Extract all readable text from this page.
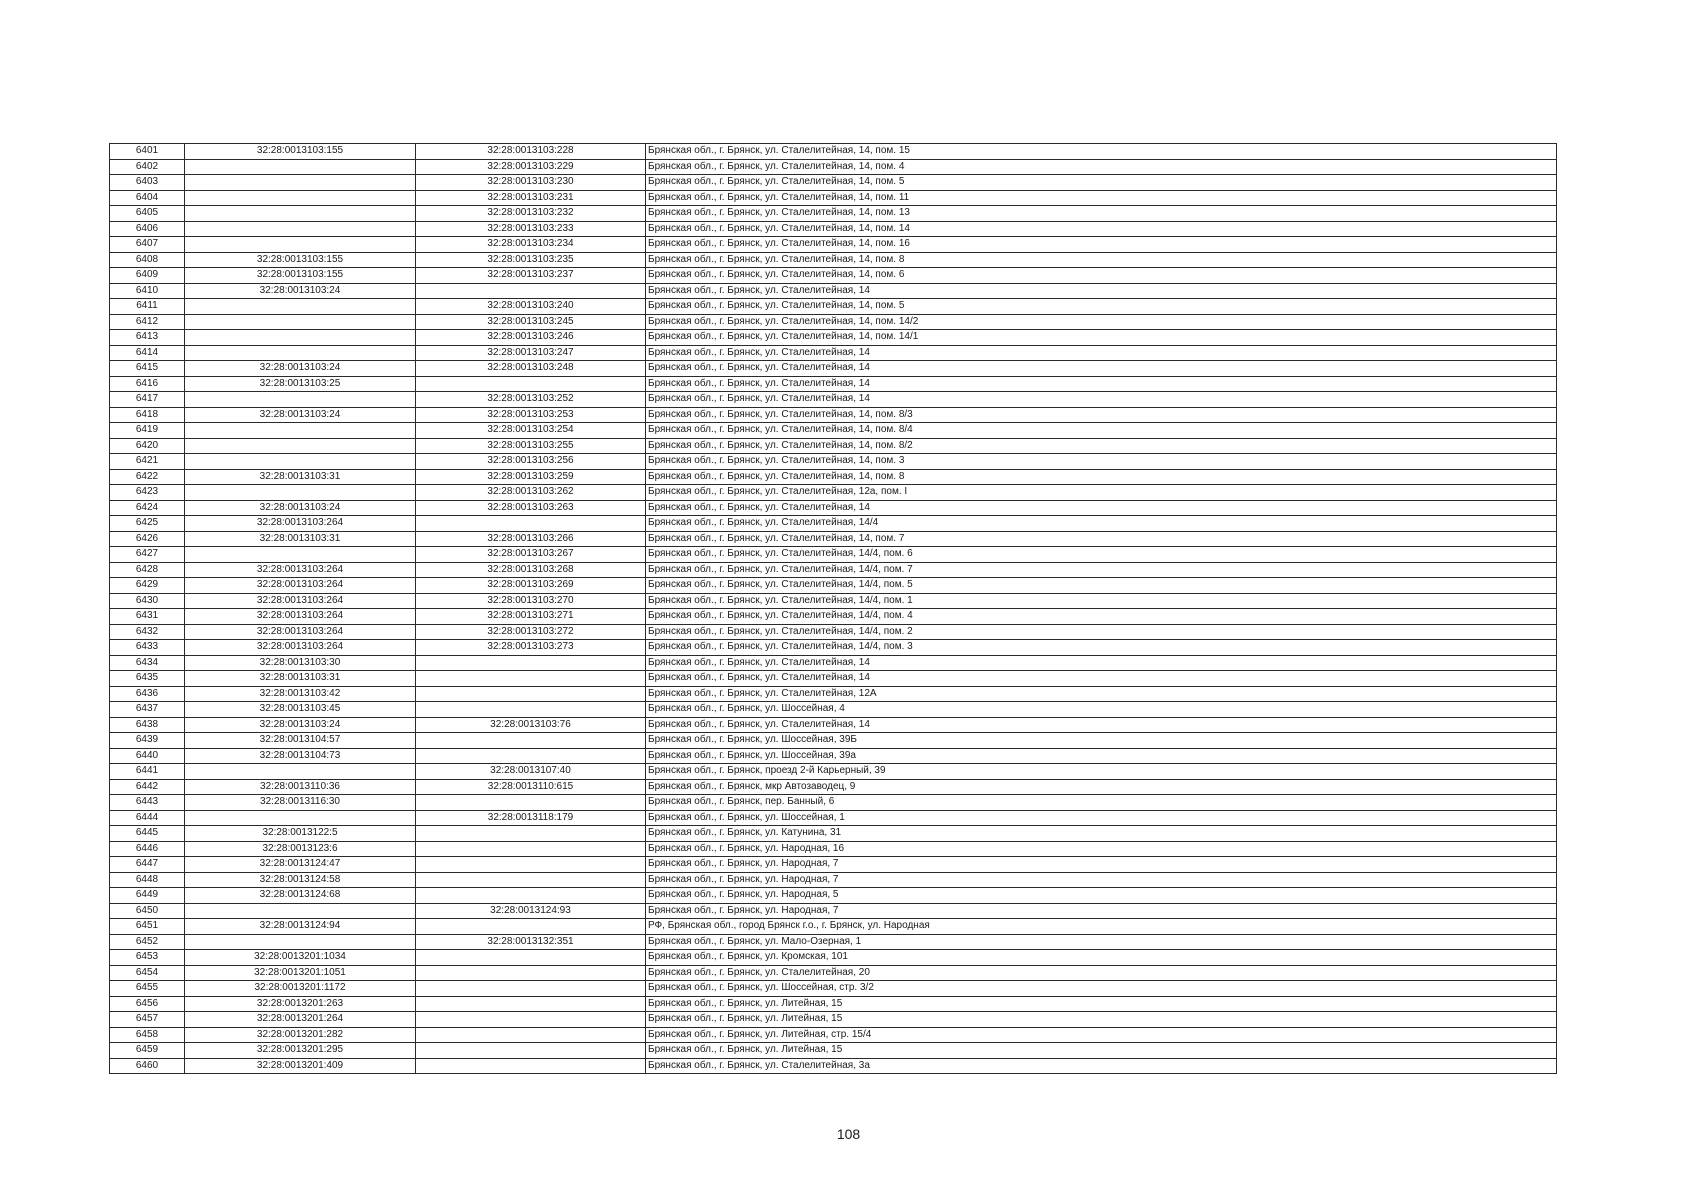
6401	32:28:0013103:155	32:28:0013103:228	Брянская обл., г. Брянск, ул. Сталелитейная, 14, пом. 15
6402		32:28:0013103:229	Брянская обл., г. Брянск, ул. Сталелитейная, 14, пом. 4
6403		32:28:0013103:230	Брянская обл., г. Брянск, ул. Сталелитейная, 14, пом. 5
6404		32:28:0013103:231	Брянская обл., г. Брянск, ул. Сталелитейная, 14, пом. 11
6405		32:28:0013103:232	Брянская обл., г. Брянск, ул. Сталелитейная, 14, пом. 13
6406		32:28:0013103:233	Брянская обл., г. Брянск, ул. Сталелитейная, 14, пом. 14
6407		32:28:0013103:234	Брянская обл., г. Брянск, ул. Сталелитейная, 14, пом. 16
6408	32:28:0013103:155	32:28:0013103:235	Брянская обл., г. Брянск, ул. Сталелитейная, 14, пом. 8
6409	32:28:0013103:155	32:28:0013103:237	Брянская обл., г. Брянск, ул. Сталелитейная, 14, пом. 6
6410	32:28:0013103:24		Брянская обл., г. Брянск, ул. Сталелитейная, 14
6411		32:28:0013103:240	Брянская обл., г. Брянск, ул. Сталелитейная, 14, пом. 5
6412		32:28:0013103:245	Брянская обл., г. Брянск, ул. Сталелитейная, 14, пом. 14/2
6413		32:28:0013103:246	Брянская обл., г. Брянск, ул. Сталелитейная, 14, пом. 14/1
6414		32:28:0013103:247	Брянская обл., г. Брянск, ул. Сталелитейная, 14
6415	32:28:0013103:24	32:28:0013103:248	Брянская обл., г. Брянск, ул. Сталелитейная, 14
6416	32:28:0013103:25		Брянская обл., г. Брянск, ул. Сталелитейная, 14
6417		32:28:0013103:252	Брянская обл., г. Брянск, ул. Сталелитейная, 14
6418	32:28:0013103:24	32:28:0013103:253	Брянская обл., г. Брянск, ул. Сталелитейная, 14, пом. 8/3
6419		32:28:0013103:254	Брянская обл., г. Брянск, ул. Сталелитейная, 14, пом. 8/4
6420		32:28:0013103:255	Брянская обл., г. Брянск, ул. Сталелитейная, 14, пом. 8/2
6421		32:28:0013103:256	Брянская обл., г. Брянск, ул. Сталелитейная, 14, пом. 3
6422	32:28:0013103:31	32:28:0013103:259	Брянская обл., г. Брянск, ул. Сталелитейная, 14, пом. 8
6423		32:28:0013103:262	Брянская обл., г. Брянск, ул. Сталелитейная, 12а, пом. I
6424	32:28:0013103:24	32:28:0013103:263	Брянская обл., г. Брянск, ул. Сталелитейная, 14
6425	32:28:0013103:264		Брянская обл., г. Брянск, ул. Сталелитейная, 14/4
6426	32:28:0013103:31	32:28:0013103:266	Брянская обл., г. Брянск, ул. Сталелитейная, 14, пом. 7
6427		32:28:0013103:267	Брянская обл., г. Брянск, ул. Сталелитейная, 14/4, пом. 6
6428	32:28:0013103:264	32:28:0013103:268	Брянская обл., г. Брянск, ул. Сталелитейная, 14/4, пом. 7
6429	32:28:0013103:264	32:28:0013103:269	Брянская обл., г. Брянск, ул. Сталелитейная, 14/4, пом. 5
6430	32:28:0013103:264	32:28:0013103:270	Брянская обл., г. Брянск, ул. Сталелитейная, 14/4, пом. 1
6431	32:28:0013103:264	32:28:0013103:271	Брянская обл., г. Брянск, ул. Сталелитейная, 14/4, пом. 4
6432	32:28:0013103:264	32:28:0013103:272	Брянская обл., г. Брянск, ул. Сталелитейная, 14/4, пом. 2
6433	32:28:0013103:264	32:28:0013103:273	Брянская обл., г. Брянск, ул. Сталелитейная, 14/4, пом. 3
6434	32:28:0013103:30		Брянская обл., г. Брянск, ул. Сталелитейная, 14
6435	32:28:0013103:31		Брянская обл., г. Брянск, ул. Сталелитейная, 14
6436	32:28:0013103:42		Брянская обл., г. Брянск, ул. Сталелитейная, 12А
6437	32:28:0013103:45		Брянская обл., г. Брянск, ул. Шоссейная, 4
6438	32:28:0013103:24	32:28:0013103:76	Брянская обл., г. Брянск, ул. Сталелитейная, 14
6439	32:28:0013104:57		Брянская обл., г. Брянск, ул. Шоссейная, 39Б
6440	32:28:0013104:73		Брянская обл., г. Брянск, ул. Шоссейная, 39а
6441		32:28:0013107:40	Брянская обл., г. Брянск, проезд 2-й Карьерный, 39
6442	32:28:0013110:36	32:28:0013110:615	Брянская обл., г. Брянск, мкр Автозаводец, 9
6443	32:28:0013116:30		Брянская обл., г. Брянск, пер. Банный, 6
6444		32:28:0013118:179	Брянская обл., г. Брянск, ул. Шоссейная, 1
6445	32:28:0013122:5		Брянская обл., г. Брянск, ул. Катунина, 31
6446	32:28:0013123:6		Брянская обл., г. Брянск, ул. Народная, 16
6447	32:28:0013124:47		Брянская обл., г. Брянск, ул. Народная, 7
6448	32:28:0013124:58		Брянская обл., г. Брянск, ул. Народная, 7
6449	32:28:0013124:68		Брянская обл., г. Брянск, ул. Народная, 5
6450		32:28:0013124:93	Брянская обл., г. Брянск, ул. Народная, 7
6451	32:28:0013124:94		РФ, Брянская обл., город Брянск г.о., г. Брянск, ул. Народная
6452		32:28:0013132:351	Брянская обл., г. Брянск, ул. Мало-Озерная, 1
6453	32:28:0013201:1034		Брянская обл., г. Брянск, ул. Кромская, 101
6454	32:28:0013201:1051		Брянская обл., г. Брянск, ул. Сталелитейная, 20
6455	32:28:0013201:1172		Брянская обл., г. Брянск, ул. Шоссейная, стр. 3/2
6456	32:28:0013201:263		Брянская обл., г. Брянск, ул. Литейная, 15
6457	32:28:0013201:264		Брянская обл., г. Брянск, ул. Литейная, 15
6458	32:28:0013201:282		Брянская обл., г. Брянск, ул. Литейная, стр. 15/4
6459	32:28:0013201:295		Брянская обл., г. Брянск, ул. Литейная, 15
6460	32:28:0013201:409		Брянская обл., г. Брянск, ул. Сталелитейная, 3а
108
